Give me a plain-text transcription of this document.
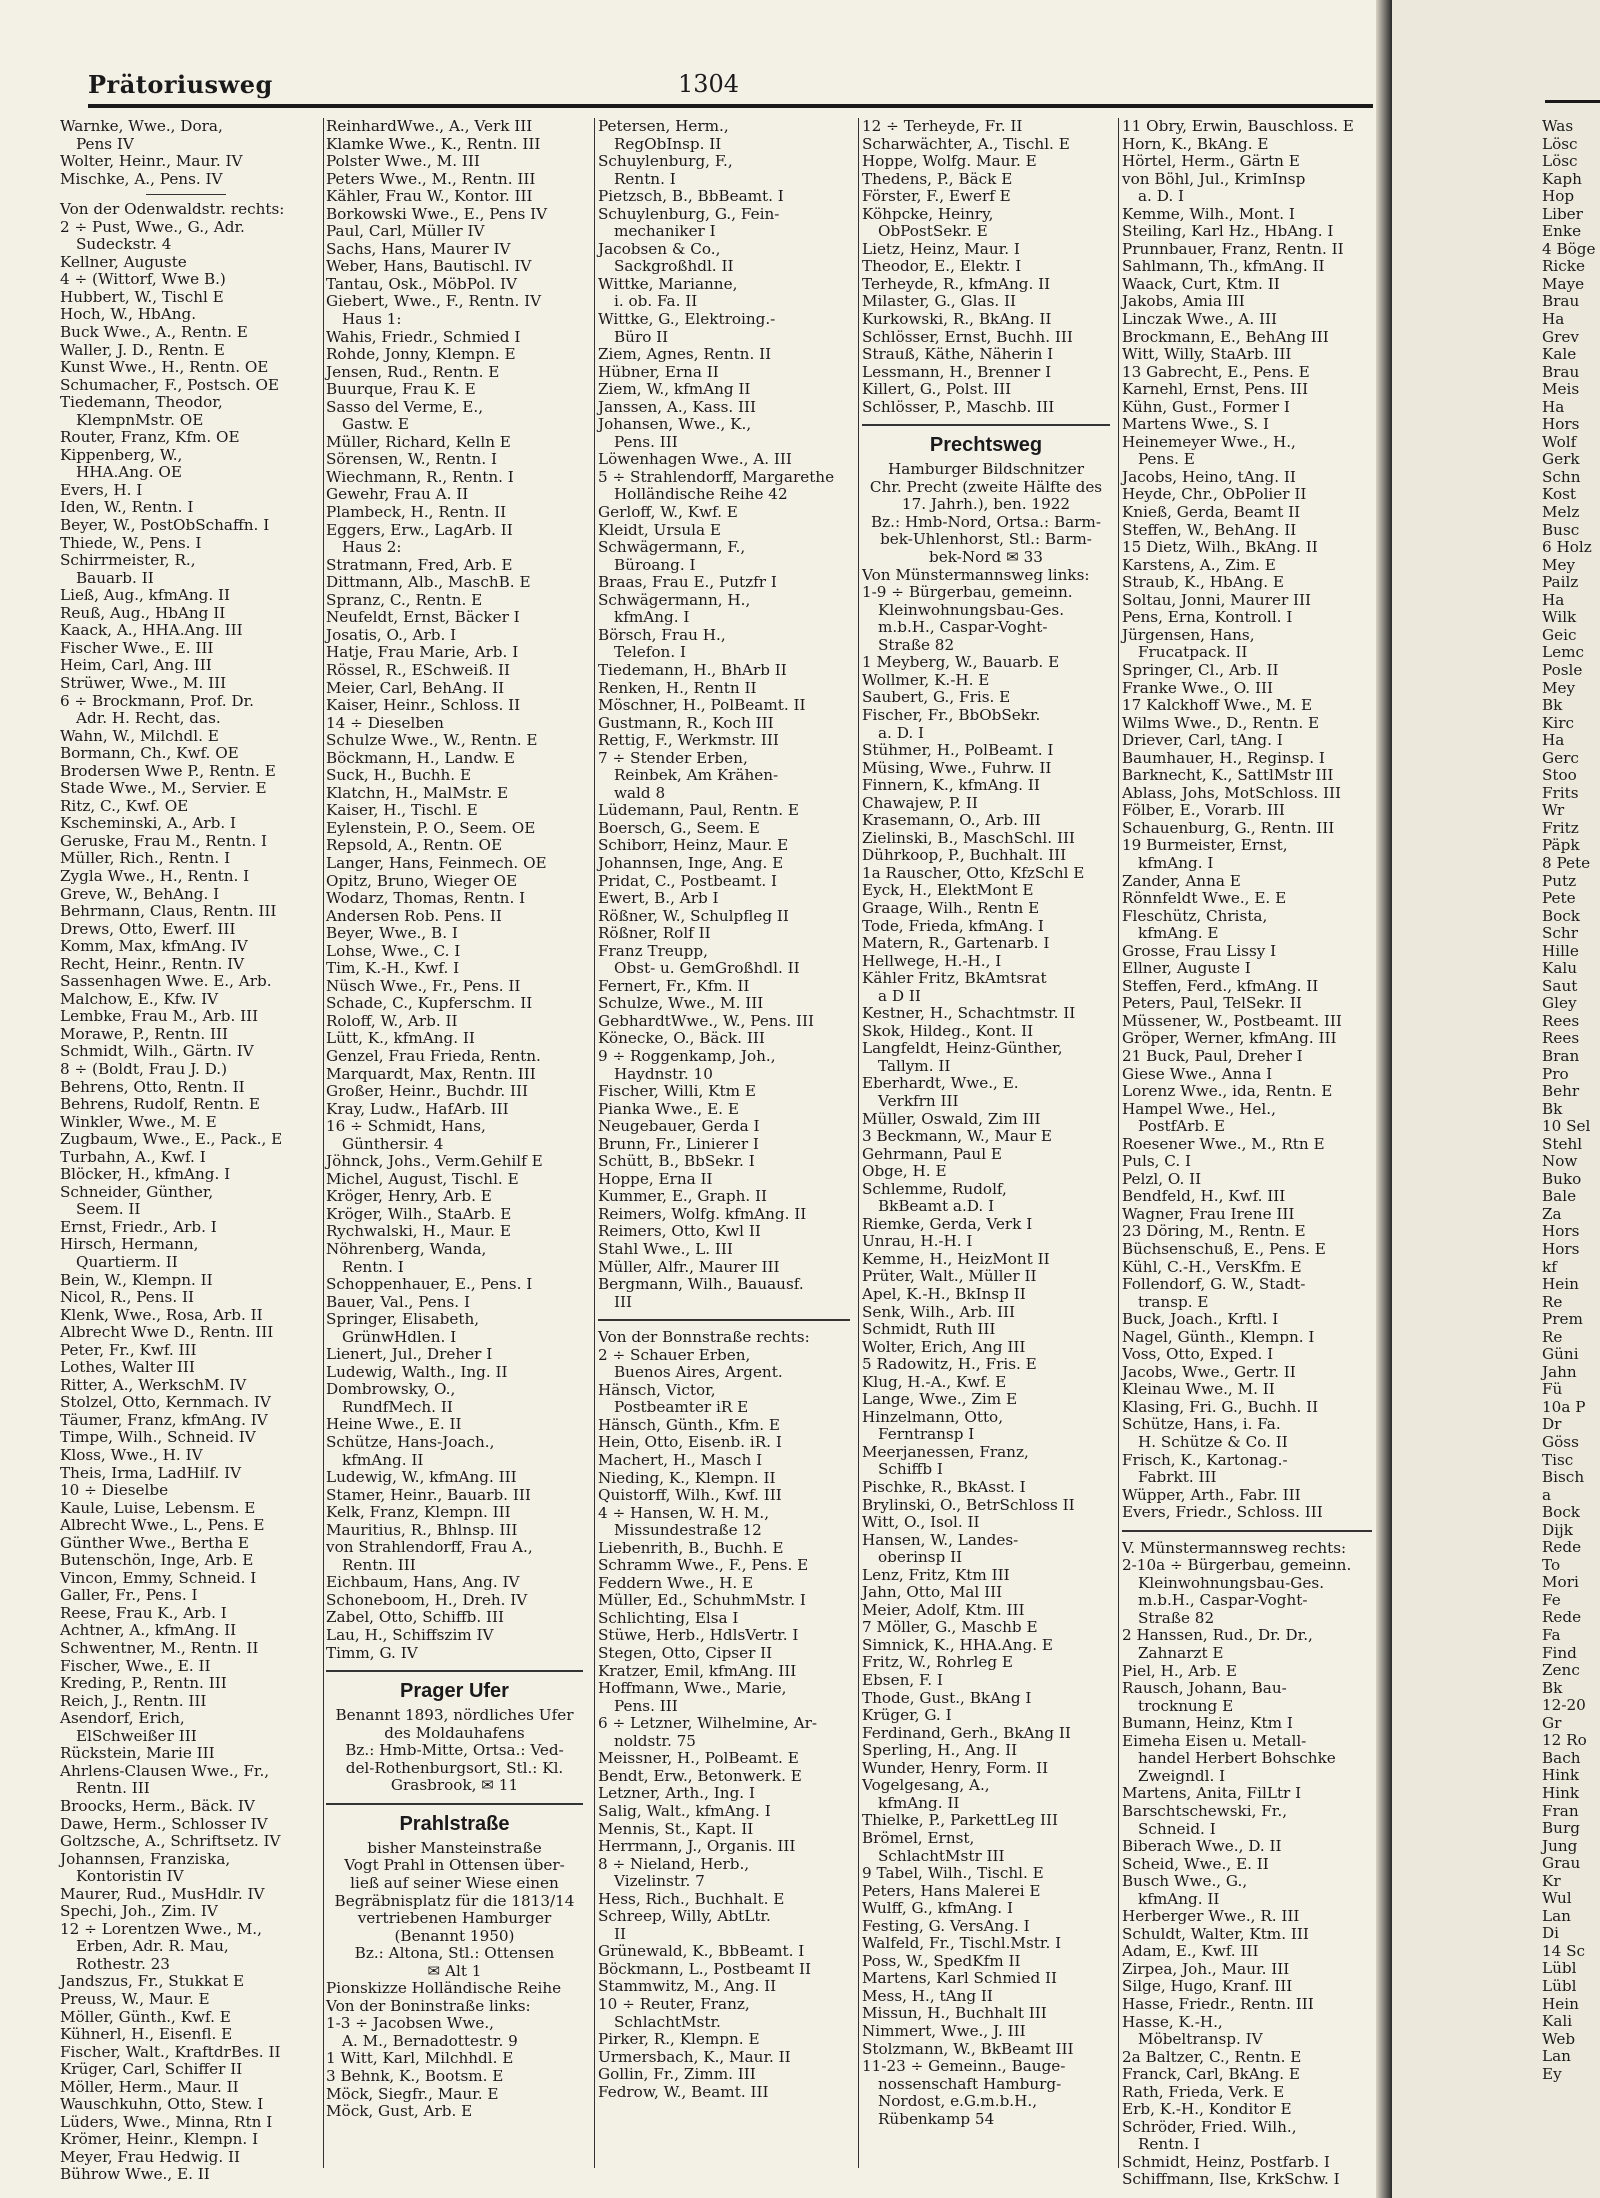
Prätoriusweg	1304
Warnke, Wwe., Dora,
Pens IV
Wolter, Heinr., Maur. IV
Mischke, A., Pens. IV
Von der Odenwaldstr. rechts:
2 ÷ Pust, Wwe., G., Adr.
Sudeckstr. 4
Kellner, Auguste
4 ÷ (Wittorf, Wwe B.)
Hubbert, W., Tischl E
Hoch, W., HbAng.
Buck Wwe., A., Rentn. E
Waller, J. D., Rentn. E
Kunst Wwe., H., Rentn. OE
Schumacher, F., Postsch. OE
Tiedemann, Theodor,
KlempnMstr. OE
Router, Franz, Kfm. OE
Kippenberg, W.,
HHA.Ang. OE
Evers, H. I
Iden, W., Rentn. I
Beyer, W., PostObSchaffn. I
Thiede, W., Pens. I
Schirrmeister, R.,
Bauarb. II
Ließ, Aug., kfmAng. II
Reuß, Aug., HbAng II
Kaack, A., HHA.Ang. III
Fischer Wwe., E. III
Heim, Carl, Ang. III
Strüwer, Wwe., M. III
6 ÷ Brockmann, Prof. Dr.
Adr. H. Recht, das.
Wahn, W., Milchdl. E
Bormann, Ch., Kwf. OE
Brodersen Wwe P., Rentn. E
Stade Wwe., M., Servier. E
Ritz, C., Kwf. OE
Kscheminski, A., Arb. I
Geruske, Frau M., Rentn. I
Müller, Rich., Rentn. I
Zygla Wwe., H., Rentn. I
Greve, W., BehAng. I
Behrmann, Claus, Rentn. III
Drews, Otto, Ewerf. III
Komm, Max, kfmAng. IV
Recht, Heinr., Rentn. IV
Sassenhagen Wwe. E., Arb.
Malchow, E., Kfw. IV
Lembke, Frau M., Arb. III
Morawe, P., Rentn. III
Schmidt, Wilh., Gärtn. IV
8 ÷ (Boldt, Frau J. D.)
Behrens, Otto, Rentn. II
Behrens, Rudolf, Rentn. E
Winkler, Wwe., M. E
Zugbaum, Wwe., E., Pack., E
Turbahn, A., Kwf. I
Blöcker, H., kfmAng. I
Schneider, Günther,
Seem. II
Ernst, Friedr., Arb. I
Hirsch, Hermann,
Quartierm. II
Bein, W., Klempn. II
Nicol, R., Pens. II
Klenk, Wwe., Rosa, Arb. II
Albrecht Wwe D., Rentn. III
Peter, Fr., Kwf. III
Lothes, Walter III
Ritter, A., WerkschM. IV
Stolzel, Otto, Kernmach. IV
Täumer, Franz, kfmAng. IV
Timpe, Wilh., Schneid. IV
Kloss, Wwe., H. IV
Theis, Irma, LadHilf. IV
10 ÷ Dieselbe
Kaule, Luise, Lebensm. E
Albrecht Wwe., L., Pens. E
Günther Wwe., Bertha E
Butenschön, Inge, Arb. E
Vincon, Emmy, Schneid. I
Galler, Fr., Pens. I
Reese, Frau K., Arb. I
Achtner, A., kfmAng. II
Schwentner, M., Rentn. II
Fischer, Wwe., E. II
Kreding, P., Rentn. III
Reich, J., Rentn. III
Asendorf, Erich,
ElSchweißer III
Rückstein, Marie III
Ahrlens-Clausen Wwe., Fr.,
Rentn. III
Broocks, Herm., Bäck. IV
Dawe, Herm., Schlosser IV
Goltzsche, A., Schriftsetz. IV
Johannsen, Franziska,
Kontoristin IV
Maurer, Rud., MusHdlr. IV
Spechi, Joh., Zim. IV
12 ÷ Lorentzen Wwe., M.,
Erben, Adr. R. Mau,
Rothestr. 23
Jandszus, Fr., Stukkat E
Preuss, W., Maur. E
Möller, Günth., Kwf. E
Kühnerl, H., Eisenfl. E
Fischer, Walt., KraftdrBes. II
Krüger, Carl, Schiffer II
Möller, Herm., Maur. II
Wauschkuhn, Otto, Stew. I
Lüders, Wwe., Minna, Rtn I
Krömer, Heinr., Klempn. I
Meyer, Frau Hedwig. II
Bührow Wwe., E. II
ReinhardWwe., A., Verk III
Klamke Wwe., K., Rentn. III
Polster Wwe., M. III
Peters Wwe., M., Rentn. III
Kähler, Frau W., Kontor. III
Borkowski Wwe., E., Pens IV
Paul, Carl, Müller IV
Sachs, Hans, Maurer IV
Weber, Hans, Bautischl. IV
Tantau, Osk., MöbPol. IV
Giebert, Wwe., F., Rentn. IV
Haus 1:
Wahis, Friedr., Schmied I
Rohde, Jonny, Klempn. E
Jensen, Rud., Rentn. E
Buurque, Frau K. E
Sasso del Verme, E.,
Gastw. E
Müller, Richard, Kelln E
Sörensen, W., Rentn. I
Wiechmann, R., Rentn. I
Gewehr, Frau A. II
Plambeck, H., Rentn. II
Eggers, Erw., LagArb. II
Haus 2:
Stratmann, Fred, Arb. E
Dittmann, Alb., MaschB. E
Spranz, C., Rentn. E
Neufeldt, Ernst, Bäcker I
Josatis, O., Arb. I
Hatje, Frau Marie, Arb. I
Rössel, R., ESchweiß. II
Meier, Carl, BehAng. II
Kaiser, Heinr., Schloss. II
14 ÷ Dieselben
Schulze Wwe., W., Rentn. E
Böckmann, H., Landw. E
Suck, H., Buchh. E
Klatchn, H., MalMstr. E
Kaiser, H., Tischl. E
Eylenstein, P. O., Seem. OE
Repsold, A., Rentn. OE
Langer, Hans, Feinmech. OE
Opitz, Bruno, Wieger OE
Wodarz, Thomas, Rentn. I
Andersen Rob. Pens. II
Beyer, Wwe., B. I
Lohse, Wwe., C. I
Tim, K.-H., Kwf. I
Nüsch Wwe., Fr., Pens. II
Schade, C., Kupferschm. II
Roloff, W., Arb. II
Lütt, K., kfmAng. II
Genzel, Frau Frieda, Rentn.
Marquardt, Max, Rentn. III
Großer, Heinr., Buchdr. III
Kray, Ludw., HafArb. III
16 ÷ Schmidt, Hans,
Günthersir. 4
Jöhnck, Johs., Verm.Gehilf E
Michel, August, Tischl. E
Kröger, Henry, Arb. E
Kröger, Wilh., StaArb. E
Rychwalski, H., Maur. E
Nöhrenberg, Wanda,
Rentn. I
Schoppenhauer, E., Pens. I
Bauer, Val., Pens. I
Springer, Elisabeth,
GrünwHdlen. I
Lienert, Jul., Dreher I
Ludewig, Walth., Ing. II
Dombrowsky, O.,
RundfMech. II
Heine Wwe., E. II
Schütze, Hans-Joach.,
kfmAng. II
Ludewig, W., kfmAng. III
Stamer, Heinr., Bauarb. III
Kelk, Franz, Klempn. III
Mauritius, R., Bhlnsp. III
von Strahlendorff, Frau A.,
Rentn. III
Eichbaum, Hans, Ang. IV
Schoneboom, H., Dreh. IV
Zabel, Otto, Schiffb. III
Lau, H., Schiffszim IV
Timm, G. IV
Prager Ufer
Benannt 1893, nördliches Ufer
des Moldauhafens
Bz.: Hmb-Mitte, Ortsa.: Ved-
del-Rothenburgsort, Stl.: Kl.
Grasbrook, ✉ 11
Prahlstraße
bisher Mansteinstraße
Vogt Prahl in Ottensen über-
ließ auf seiner Wiese einen
Begräbnisplatz für die 1813/14
vertriebenen Hamburger
(Benannt 1950)
Bz.: Altona, Stl.: Ottensen
✉ Alt 1
Pionskizze Holländische Reihe
Von der Boninstraße links:
1-3 ÷ Jacobsen Wwe.,
A. M., Bernadottestr. 9
1 Witt, Karl, Milchhdl. E
3 Behnk, K., Bootsm. E
Möck, Siegfr., Maur. E
Möck, Gust, Arb. E
Petersen, Herm.,
RegObInsp. II
Schuylenburg, F.,
Rentn. I
Pietzsch, B., BbBeamt. I
Schuylenburg, G., Fein-
mechaniker I
Jacobsen & Co.,
Sackgroßhdl. II
Wittke, Marianne,
i. ob. Fa. II
Wittke, G., Elektroing.-
Büro II
Ziem, Agnes, Rentn. II
Hübner, Erna II
Ziem, W., kfmAng II
Janssen, A., Kass. III
Johansen, Wwe., K.,
Pens. III
Löwenhagen Wwe., A. III
5 ÷ Strahlendorff, Margarethe
Holländische Reihe 42
Gerloff, W., Kwf. E
Kleidt, Ursula E
Schwägermann, F.,
Büroang. I
Braas, Frau E., Putzfr I
Schwägermann, H.,
kfmAng. I
Börsch, Frau H.,
Telefon. I
Tiedemann, H., BhArb II
Renken, H., Rentn II
Möschner, H., PolBeamt. II
Gustmann, R., Koch III
Rettig, F., Werkmstr. III
7 ÷ Stender Erben,
Reinbek, Am Krähen-
wald 8
Lüdemann, Paul, Rentn. E
Boersch, G., Seem. E
Schiborr, Heinz, Maur. E
Johannsen, Inge, Ang. E
Pridat, C., Postbeamt. I
Ewert, B., Arb I
Rößner, W., Schulpfleg II
Rößner, Rolf II
Franz Treupp,
Obst- u. GemGroßhdl. II
Fernert, Fr., Kfm. II
Schulze, Wwe., M. III
GebhardtWwe., W., Pens. III
Könecke, O., Bäck. III
9 ÷ Roggenkamp, Joh.,
Haydnstr. 10
Fischer, Willi, Ktm E
Pianka Wwe., E. E
Neugebauer, Gerda I
Brunn, Fr., Linierer I
Schütt, B., BbSekr. I
Hoppe, Erna II
Kummer, E., Graph. II
Reimers, Wolfg. kfmAng. II
Reimers, Otto, Kwl II
Stahl Wwe., L. III
Müller, Alfr., Maurer III
Bergmann, Wilh., Bauausf.
III
Von der Bonnstraße rechts:
2 ÷ Schauer Erben,
Buenos Aires, Argent.
Hänsch, Victor,
Postbeamter iR E
Hänsch, Günth., Kfm. E
Hein, Otto, Eisenb. iR. I
Machert, H., Masch I
Nieding, K., Klempn. II
Quistorff, Wilh., Kwf. III
4 ÷ Hansen, W. H. M.,
Missundestraße 12
Liebenrith, B., Buchh. E
Schramm Wwe., F., Pens. E
Feddern Wwe., H. E
Müller, Ed., SchuhmMstr. I
Schlichting, Elsa I
Stüwe, Herb., HdlsVertr. I
Stegen, Otto, Cipser II
Kratzer, Emil, kfmAng. III
Hoffmann, Wwe., Marie,
Pens. III
6 ÷ Letzner, Wilhelmine, Ar-
noldstr. 75
Meissner, H., PolBeamt. E
Bendt, Erw., Betonwerk. E
Letzner, Arth., Ing. I
Salig, Walt., kfmAng. I
Mennis, St., Kapt. II
Herrmann, J., Organis. III
8 ÷ Nieland, Herb.,
Vizelinstr. 7
Hess, Rich., Buchhalt. E
Schreep, Willy, AbtLtr.
II
Grünewald, K., BbBeamt. I
Böckmann, L., Postbeamt II
Stammwitz, M., Ang. II
10 ÷ Reuter, Franz,
SchlachtMstr.
Pirker, R., Klempn. E
Urmersbach, K., Maur. II
Gollin, Fr., Zimm. III
Fedrow, W., Beamt. III
12 ÷ Terheyde, Fr. II
Scharwächter, A., Tischl. E
Hoppe, Wolfg. Maur. E
Thedens, P., Bäck E
Förster, F., Ewerf E
Köhpcke, Heinry,
ObPostSekr. E
Lietz, Heinz, Maur. I
Theodor, E., Elektr. I
Terheyde, R., kfmAng. II
Milaster, G., Glas. II
Kurkowski, R., BkAng. II
Schlösser, Ernst, Buchh. III
Strauß, Käthe, Näherin I
Lessmann, H., Brenner I
Killert, G., Polst. III
Schlösser, P., Maschb. III
Prechtsweg
Hamburger Bildschnitzer
Chr. Precht (zweite Hälfte des
17. Jahrh.), ben. 1922
Bz.: Hmb-Nord, Ortsa.: Barm-
bek-Uhlenhorst, Stl.: Barm-
bek-Nord ✉ 33
Von Münstermannsweg links:
1-9 ÷ Bürgerbau, gemeinn.
Kleinwohnungsbau-Ges.
m.b.H., Caspar-Voght-
Straße 82
1 Meyberg, W., Bauarb. E
Wollmer, K.-H. E
Saubert, G., Fris. E
Fischer, Fr., BbObSekr.
a. D. I
Stühmer, H., PolBeamt. I
Müsing, Wwe., Fuhrw. II
Finnern, K., kfmAng. II
Chawajew, P. II
Krasemann, O., Arb. III
Zielinski, B., MaschSchl. III
Dührkoop, P., Buchhalt. III
1a Rauscher, Otto, KfzSchl E
Eyck, H., ElektMont E
Graage, Wilh., Rentn E
Tode, Frieda, kfmAng. I
Matern, R., Gartenarb. I
Hellwege, H.-H., I
Kähler Fritz, BkAmtsrat
a D II
Kestner, H., Schachtmstr. II
Skok, Hildeg., Kont. II
Langfeldt, Heinz-Günther,
Tallym. II
Eberhardt, Wwe., E.
Verkfrn III
Müller, Oswald, Zim III
3 Beckmann, W., Maur E
Gehrmann, Paul E
Obge, H. E
Schlemme, Rudolf,
BkBeamt a.D. I
Riemke, Gerda, Verk I
Unrau, H.-H. I
Kemme, H., HeizMont II
Prüter, Walt., Müller II
Apel, K.-H., BkInsp II
Senk, Wilh., Arb. III
Schmidt, Ruth III
Wolter, Erich, Ang III
5 Radowitz, H., Fris. E
Klug, H.-A., Kwf. E
Lange, Wwe., Zim E
Hinzelmann, Otto,
Ferntransp I
Meerjanessen, Franz,
Schiffb I
Pischke, R., BkAsst. I
Brylinski, O., BetrSchloss II
Witt, O., Isol. II
Hansen, W., Landes-
oberinsp II
Lenz, Fritz, Ktm III
Jahn, Otto, Mal III
Meier, Adolf, Ktm. III
7 Möller, G., Maschb E
Simnick, K., HHA.Ang. E
Fritz, W., Rohrleg E
Ebsen, F. I
Thode, Gust., BkAng I
Krüger, G. I
Ferdinand, Gerh., BkAng II
Sperling, H., Ang. II
Wunder, Henry, Form. II
Vogelgesang, A.,
kfmAng. II
Thielke, P., ParkettLeg III
Brömel, Ernst,
SchlachtMstr III
9 Tabel, Wilh., Tischl. E
Peters, Hans Malerei E
Wulff, G., kfmAng. I
Festing, G. VersAng. I
Walfeld, Fr., Tischl.Mstr. I
Poss, W., SpedKfm II
Martens, Karl Schmied II
Mess, H., tAng II
Missun, H., Buchhalt III
Nimmert, Wwe., J. III
Stolzmann, W., BkBeamt III
11-23 ÷ Gemeinn., Bauge-
nossenschaft Hamburg-
Nordost, e.G.m.b.H.,
Rübenkamp 54
11 Obry, Erwin, Bauschloss. E
Horn, K., BkAng. E
Hörtel, Herm., Gärtn E
von Böhl, Jul., KrimInsp
a. D. I
Kemme, Wilh., Mont. I
Steiling, Karl Hz., HbAng. I
Prunnbauer, Franz, Rentn. II
Sahlmann, Th., kfmAng. II
Waack, Curt, Ktm. II
Jakobs, Amia III
Linczak Wwe., A. III
Brockmann, E., BehAng III
Witt, Willy, StaArb. III
13 Gabrecht, E., Pens. E
Karnehl, Ernst, Pens. III
Kühn, Gust., Former I
Martens Wwe., S. I
Heinemeyer Wwe., H.,
Pens. E
Jacobs, Heino, tAng. II
Heyde, Chr., ObPolier II
Knieß, Gerda, Beamt II
Steffen, W., BehAng. II
15 Dietz, Wilh., BkAng. II
Karstens, A., Zim. E
Straub, K., HbAng. E
Soltau, Jonni, Maurer III
Pens, Erna, Kontroll. I
Jürgensen, Hans,
Frucatpack. II
Springer, Cl., Arb. II
Franke Wwe., O. III
17 Kalckhoff Wwe., M. E
Wilms Wwe., D., Rentn. E
Driever, Carl, tAng. I
Baumhauer, H., Reginsp. I
Barknecht, K., SattlMstr III
Ablass, Johs, MotSchloss. III
Fölber, E., Vorarb. III
Schauenburg, G., Rentn. III
19 Burmeister, Ernst,
kfmAng. I
Zander, Anna E
Rönnfeldt Wwe., E. E
Fleschütz, Christa,
kfmAng. E
Grosse, Frau Lissy I
Ellner, Auguste I
Steffen, Ferd., kfmAng. II
Peters, Paul, TelSekr. II
Müssener, W., Postbeamt. III
Gröper, Werner, kfmAng. III
21 Buck, Paul, Dreher I
Giese Wwe., Anna I
Lorenz Wwe., ida, Rentn. E
Hampel Wwe., Hel.,
PostfArb. E
Roesener Wwe., M., Rtn E
Puls, C. I
Pelzl, O. II
Bendfeld, H., Kwf. III
Wagner, Frau Irene III
23 Döring, M., Rentn. E
Büchsenschuß, E., Pens. E
Kühl, C.-H., VersKfm. E
Follendorf, G. W., Stadt-
transp. E
Buck, Joach., Krftl. I
Nagel, Günth., Klempn. I
Voss, Otto, Exped. I
Jacobs, Wwe., Gertr. II
Kleinau Wwe., M. II
Klasing, Fri. G., Buchh. II
Schütze, Hans, i. Fa.
H. Schütze & Co. II
Frisch, K., Kartonag.-
Fabrkt. III
Wüpper, Arth., Fabr. III
Evers, Friedr., Schloss. III
V. Münstermannsweg rechts:
2-10a ÷ Bürgerbau, gemeinn.
Kleinwohnungsbau-Ges.
m.b.H., Caspar-Voght-
Straße 82
2 Hanssen, Rud., Dr. Dr.,
Zahnarzt E
Piel, H., Arb. E
Rausch, Johann, Bau-
trocknung E
Bumann, Heinz, Ktm I
Eimeha Eisen u. Metall-
handel Herbert Bohschke
Zweigndl. I
Martens, Anita, FilLtr I
Barschtschewski, Fr.,
Schneid. I
Biberach Wwe., D. II
Scheid, Wwe., E. II
Busch Wwe., G.,
kfmAng. II
Herberger Wwe., R. III
Schuldt, Walter, Ktm. III
Adam, E., Kwf. III
Zirpea, Joh., Maur. III
Silge, Hugo, Kranf. III
Hasse, Friedr., Rentn. III
Hasse, K.-H.,
Möbeltransp. IV
2a Baltzer, C., Rentn. E
Franck, Carl, BkAng. E
Rath, Frieda, Verk. E
Erb, K.-H., Konditor E
Schröder, Fried. Wilh.,
Rentn. I
Schmidt, Heinz, Postfarb. I
Schiffmann, Ilse, KrkSchw. I
Was
Lösc
Lösc
Kaph
Hop
Liber
Enke
4 Böge
Ricke
Maye
Brau
Ha
Grev
Kale
Brau
Meis
Ha
Hors
Wolf
Gerk
Schn
Kost
Melz
Busc
6 Holz
Mey
Pailz
Ha
Wilk
Geic
Lemc
Posle
Mey
Bk
Kirc
Ha
Gerc
Stoo
Frits
Wr
Fritz
Päpk
8 Pete
Putz
Pete
Bock
Schr
Hille
Kalu
Saut
Gley
Rees
Rees
Bran
Pro
Behr
Bk
10 Sel
Stehl
Now
Buko
Bale
Za
Hors
Hors
kf
Hein
Re
Prem
Re
Güni
Jahn
Fü
10a P
Dr
Göss
Tisc
Bisch
a
Bock
Dijk
Rede
To
Mori
Fe
Rede
Fa
Find
Zenc
Bk
12-20
Gr
12 Ro
Bach
Hink
Hink
Fran
Burg
Jung
Grau
Kr
Wul
Lan
Di
14 Sc
Lübl
Lübl
Hein
Kali
Web
Lan
Ey
